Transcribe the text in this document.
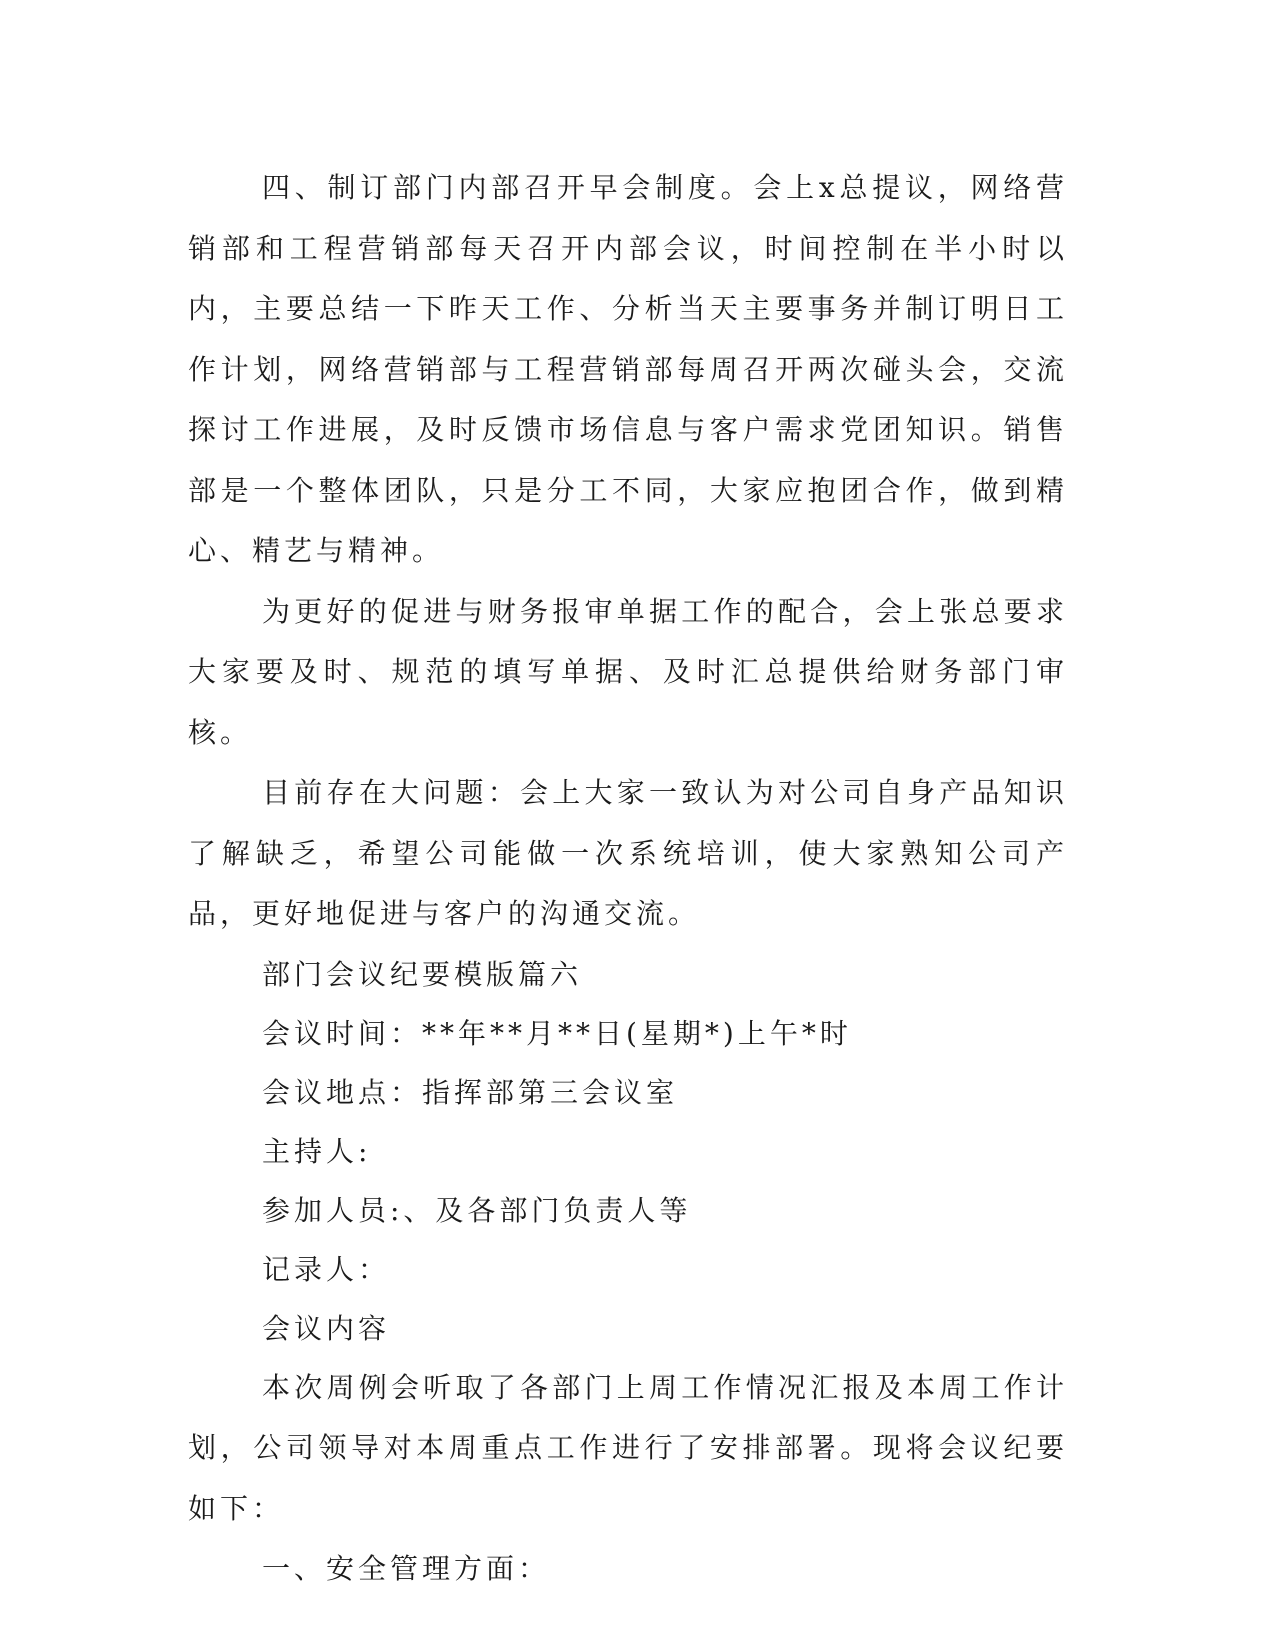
四、制订部门内部召开早会制度。会上x总提议，网络营销部和工程营销部每天召开内部会议，时间控制在半小时以内，主要总结一下昨天工作、分析当天主要事务并制订明日工作计划，网络营销部与工程营销部每周召开两次碰头会，交流探讨工作进展，及时反馈市场信息与客户需求党团知识。销售部是一个整体团队，只是分工不同，大家应抱团合作，做到精心、精艺与精神。

为更好的促进与财务报审单据工作的配合，会上张总要求大家要及时、规范的填写单据、及时汇总提供给财务部门审核。

目前存在大问题：会上大家一致认为对公司自身产品知识了解缺乏，希望公司能做一次系统培训，使大家熟知公司产品，更好地促进与客户的沟通交流。

部门会议纪要模版篇六

会议时间：**年**月**日(星期*)上午*时

会议地点：指挥部第三会议室

主持人:

参加人员:、及各部门负责人等

记录人：

会议内容

本次周例会听取了各部门上周工作情况汇报及本周工作计划，公司领导对本周重点工作进行了安排部署。现将会议纪要如下：

一、安全管理方面：
